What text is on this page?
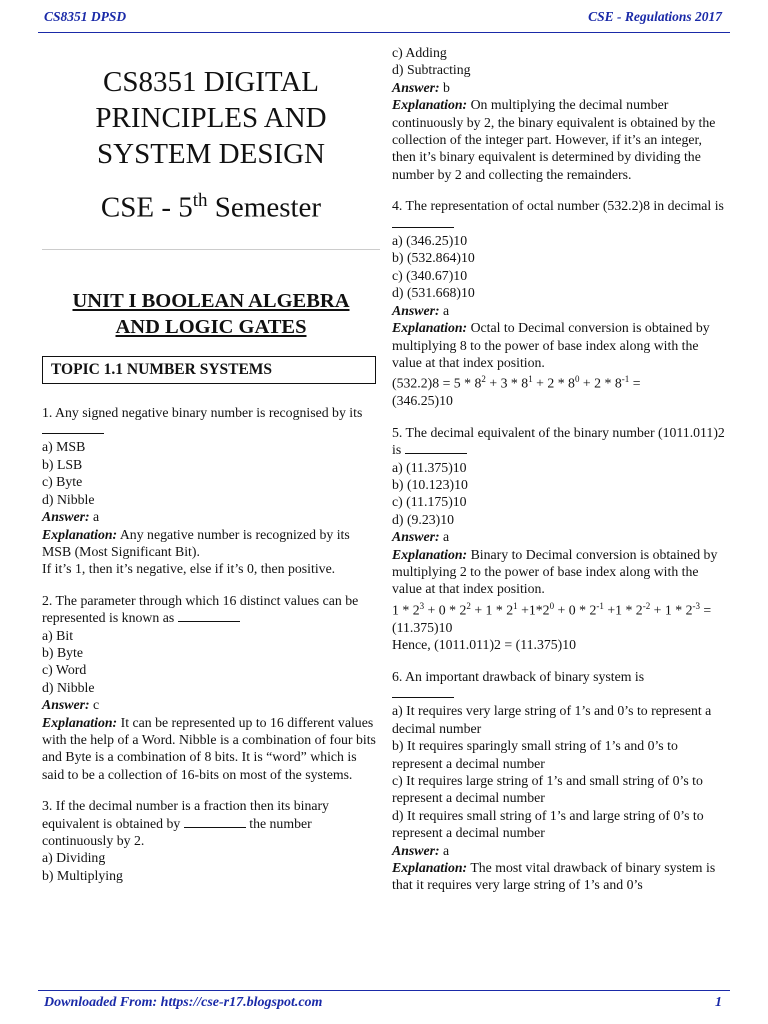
CS8351 DPSD	CSE - Regulations 2017
CS8351 DIGITAL
PRINCIPLES AND
SYSTEM DESIGN
CSE - 5th Semester
UNIT I BOOLEAN ALGEBRA
AND LOGIC GATES
TOPIC 1.1 NUMBER SYSTEMS

1. Any signed negative binary number is recognised by its

a) MSB

b) LSB

c) Byte

d) Nibble

Answer: a

Explanation: Any negative number is recognized by its MSB (Most Significant Bit).

If it’s 1, then it’s negative, else if it’s 0, then positive.

2. The parameter through which 16 distinct values can be represented is known as

a) Bit

b) Byte

c) Word

d) Nibble

Answer: c

Explanation: It can be represented up to 16 different values with the help of a Word. Nibble is a combination of four bits and Byte is a combination of 8 bits. It is “word” which is said to be a collection of 16-bits on most of the systems.

3. If the decimal number is a fraction then its binary equivalent is obtained by	the number continuously by 2.

a) Dividing

b) Multiplying

c) Adding

d) Subtracting

Answer: b

Explanation: On multiplying the decimal number continuously by 2, the binary equivalent is obtained by the collection of the integer part. However, if it’s an integer, then it’s binary equivalent is determined by dividing the number by 2 and collecting the remainders.

4. The representation of octal number (532.2)8 in decimal is

a) (346.25)10

b) (532.864)10

c) (340.67)10

d) (531.668)10

Answer: a

Explanation: Octal to Decimal conversion is obtained by multiplying 8 to the power of base index along with the value at that index position.

$(532.2)8 = 5 * 8^2 + 3 * 8^1 + 2 * 8^0 + 2 * 8^{-1}$ =

(346.25)10

5. The decimal equivalent of the binary number (1011.011)2 is

a) (11.375)10

b) (10.123)10

c) (11.175)10

d) (9.23)10

Answer: a

Explanation: Binary to Decimal conversion is obtained by multiplying 2 to the power of base index along with the value at that index position.

$1 * 2^3 + 0 * 2^2 + 1 * 2^1 +1*2^0 + 0 * 2^{-1} +1 * 2^{-2} + 1 * 2^{-3} = (11.375)10$

Hence, (1011.011)2 = (11.375)10

6. An important drawback of binary system is

a) It requires very large string of 1’s and 0’s to represent a decimal number

b) It requires sparingly small string of 1’s and 0’s to represent a decimal number

c) It requires large string of 1’s and small string of 0’s to represent a decimal number

d) It requires small string of 1’s and large string of 0’s to represent a decimal number

Answer: a

Explanation: The most vital drawback of binary system is that it requires very large string of 1’s and 0’s

Downloaded From: https://cse-r17.blogspot.com	1
